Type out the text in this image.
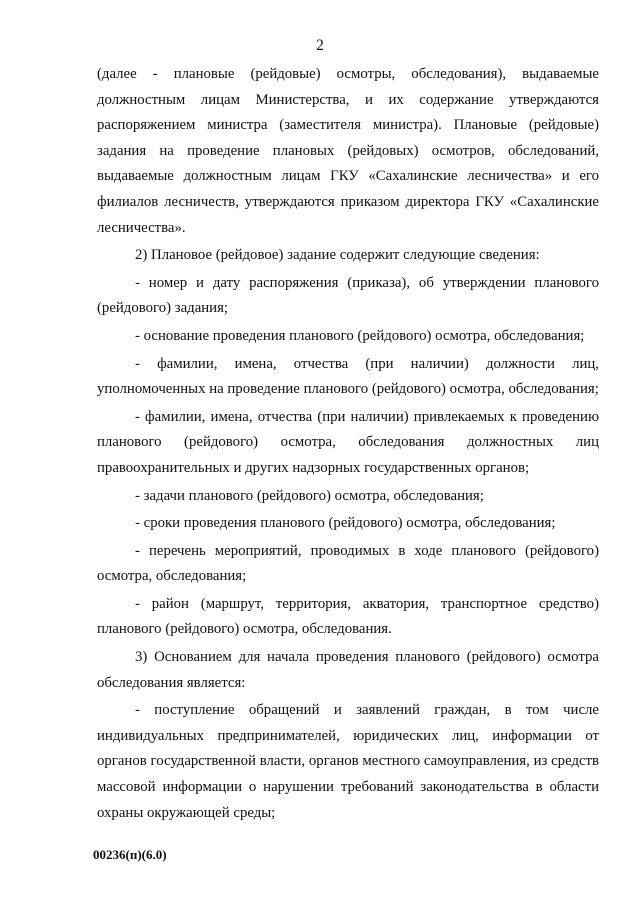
2

(далее - плановые (рейдовые) осмотры, обследования), выдаваемые должностным лицам Министерства, и их содержание утверждаются распоряжением министра (заместителя министра). Плановые (рейдовые) задания на проведение плановых (рейдовых) осмотров, обследований, выдаваемые должностным лицам ГКУ «Сахалинские лесничества» и его филиалов лесничеств, утверждаются приказом директора ГКУ «Сахалинские лесничества».

2) Плановое (рейдовое) задание содержит следующие сведения:

- номер и дату распоряжения (приказа), об утверждении планового (рейдового) задания;

- основание проведения планового (рейдового) осмотра, обследования;

- фамилии, имена, отчества (при наличии) должности лиц, уполномоченных на проведение планового (рейдового) осмотра, обследования;

- фамилии, имена, отчества (при наличии) привлекаемых к проведению планового (рейдового) осмотра, обследования должностных лиц правоохранительных и других надзорных государственных органов;

- задачи планового (рейдового) осмотра, обследования;

- сроки проведения планового (рейдового) осмотра, обследования;

- перечень мероприятий, проводимых в ходе планового (рейдового) осмотра, обследования;

- район (маршрут, территория, акватория, транспортное средство) планового (рейдового) осмотра, обследования.

3) Основанием для начала проведения планового (рейдового) осмотра обследования является:

- поступление обращений и заявлений граждан, в том числе индивидуальных предпринимателей, юридических лиц, информации от органов государственной власти, органов местного самоуправления, из средств массовой информации о нарушении требований законодательства в области охраны окружающей среды;

00236(п)(6.0)
